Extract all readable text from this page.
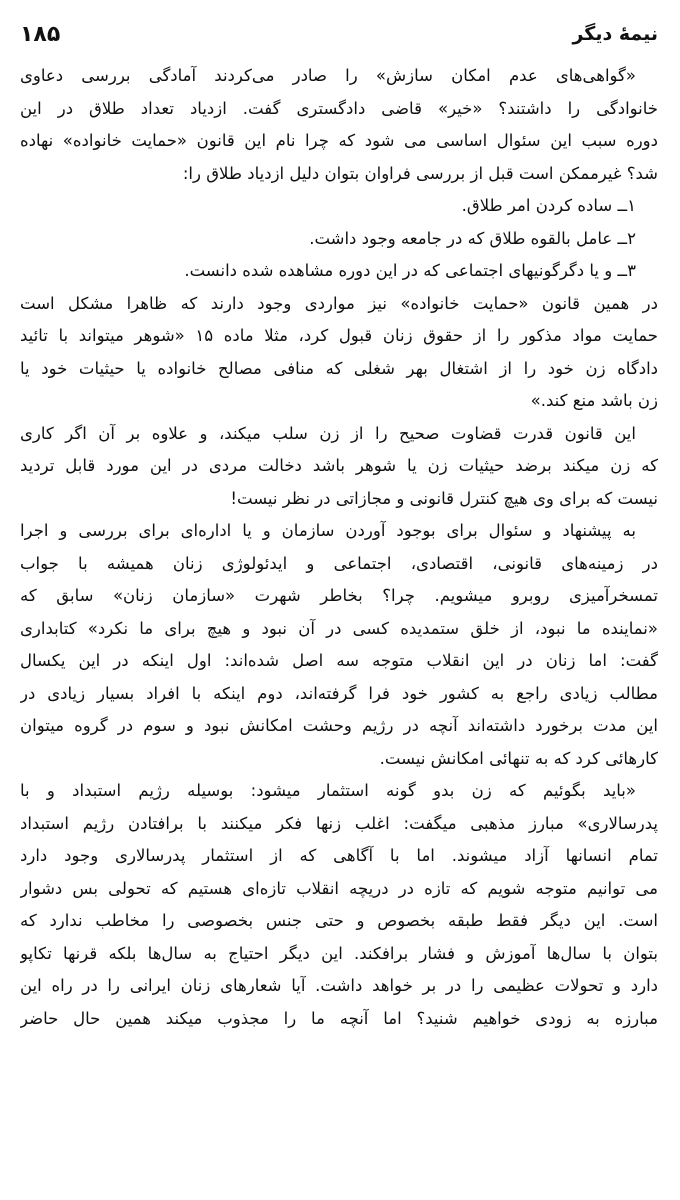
نیمهٔ دیگر
۱۸۵
«گواهی‌های عدم امکان سازش» را صادر می‌کردند آمادگی بررسی دعاوی
خانوادگی را داشتند؟ «خیر» قاضی دادگستری گفت. ازدیاد تعداد طلاق در این
دوره سبب این سئوال اساسی می شود که چرا نام این قانون «حمایت خانواده» نهاده
شد؟ غیرممکن است قبل از بررسی فراوان بتوان دلیل ازدیاد طلاق را:
۱ــ ساده کردن امر طلاق.
۲ــ عامل بالقوه طلاق که در جامعه وجود داشت.
۳ــ و یا دگرگونیهای اجتماعی که در این دوره مشاهده شده دانست.
در همین قانون «حمایت خانواده» نیز مواردی وجود دارند که ظاهرا مشکل است
حمایت مواد مذکور را از حقوق زنان قبول کرد، مثلا ماده ۱۵ «شوهر میتواند با تائید
دادگاه زن خود را از اشتغال بهر شغلی که منافی مصالح خانواده یا حیثیات خود یا
زن باشد منع کند.»
این قانون قدرت قضاوت صحیح را از زن سلب میکند، و علاوه بر آن اگر کاری
که زن میکند برضد حیثیات زن یا شوهر باشد دخالت مردی در این مورد قابل تردید
نیست که برای وی هیچ کنترل قانونی و مجازاتی در نظر نیست!
به پیشنهاد و سئوال برای بوجود آوردن سازمان و یا اداره‌ای برای بررسی و اجرا
در زمینه‌های قانونی، اقتصادی، اجتماعی و ایدئولوژی زنان همیشه با جواب
تمسخرآمیزی روبرو میشویم. چرا؟ بخاطر شهرت «سازمان زنان» سابق که
«نماینده ما نبود، از خلق ستمدیده کسی در آن نبود و هیچ برای ما نکرد» کتابداری
گفت: اما زنان در این انقلاب متوجه سه اصل شده‌اند: اول اینکه در این یکسال
مطالب زیادی راجع به کشور خود فرا گرفته‌اند، دوم اینکه با افراد بسیار زیادی در
این مدت برخورد داشته‌اند آنچه در رژیم وحشت امکانش نبود و سوم در گروه میتوان
کارهائی کرد که به تنهائی امکانش نیست.
«باید بگوئیم که زن بدو گونه استثمار میشود: بوسیله رژیم استبداد و با
پدرسالاری» مبارز مذهبی میگفت: اغلب زنها فکر میکنند با برافتادن رژیم استبداد
تمام انسانها آزاد میشوند. اما با آگاهی که از استثمار پدرسالاری وجود دارد
می توانیم متوجه شویم که تازه در دریچه انقلاب تازه‌ای هستیم که تحولی بس دشوار
است. این دیگر فقط طبقه بخصوص و حتی جنس بخصوصی را مخاطب ندارد که
بتوان با سال‌ها آموزش و فشار برافکند. این دیگر احتیاج به سال‌ها بلکه قرنها تکاپو
دارد و تحولات عظیمی را در بر خواهد داشت. آیا شعارهای زنان ایرانی را در راه این
مبارزه به زودی خواهیم شنید؟ اما آنچه ما را مجذوب میکند همین حال حاضر
